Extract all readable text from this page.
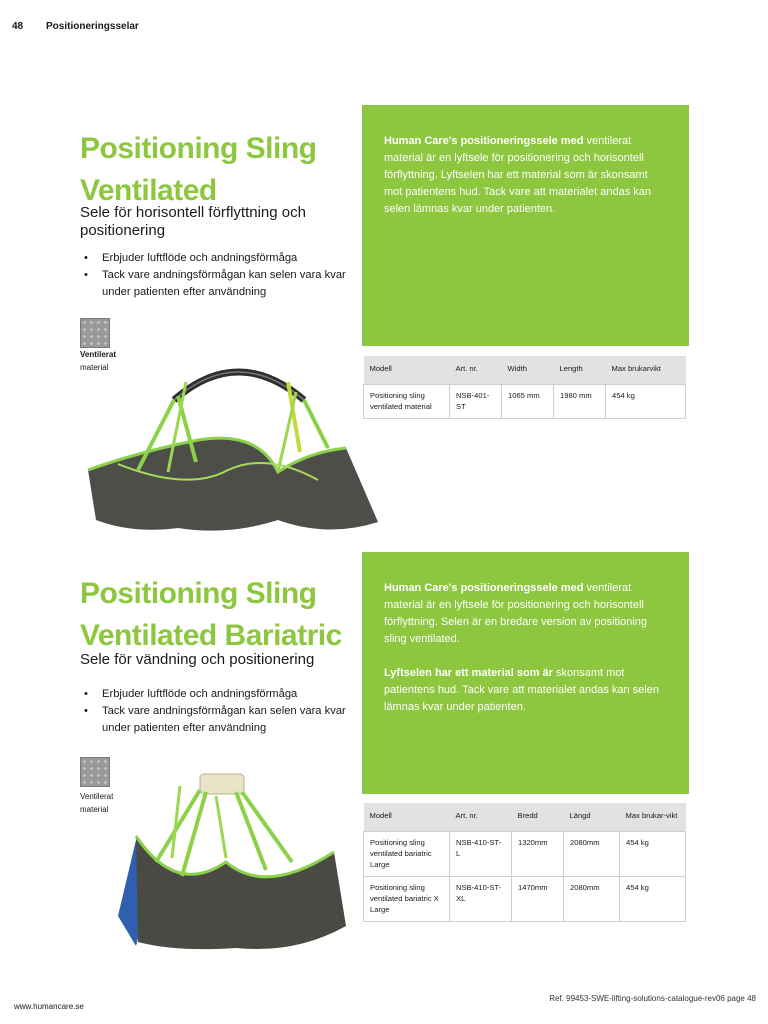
48 Positioneringsselar
Positioning Sling
Ventilated
Sele för horisontell förflyttning och positionering
• Erbjuder luftflöde och andningsförmåga
• Tack vare andningsförmågan kan selen vara kvar under patienten efter användning
Ventilerat
material

Human Care's positioneringssele med ventilerat material är en lyftsele för positionering och horisontell förflyttning. Lyftselen har ett material som är skonsamt mot patientens hud. Tack vare att materialet andas kan selen lämnas kvar under patienten.

Modell	Art. nr.	Width	Length	Max brukarvikt
Positioning sling ventilated material	NSB-401-ST	1065 mm	1980 mm	454 kg
Positioning Sling
Ventilated Bariatric
Sele för vändning och positionering
• Erbjuder luftflöde och andningsförmåga
• Tack vare andningsförmågan kan selen vara kvar under patienten efter användning
Ventilerat
material

Human Care's positioneringssele med ventilerat material är en lyftsele för positionering och horisontell förflyttning. Selen är en bredare version av positioning sling ventilated.

Lyftselen har ett material som är skonsamt mot patientens hud. Tack vare att materialet andas kan selen lämnas kvar under patienten.

Modell	Art. nr.	Bredd	Längd	Max brukar-vikt
Positioning sling ventilated bariatric Large	NSB-410-ST-L	1320mm	2080mm	454 kg
Positioning sling ventilated bariatric X Large	NSB-410-ST-XL	1470mm	2080mm	454 kg
www.humancare.se
Ref. 99453-SWE-lifting-solutions-catalogue-rev06 page 48
